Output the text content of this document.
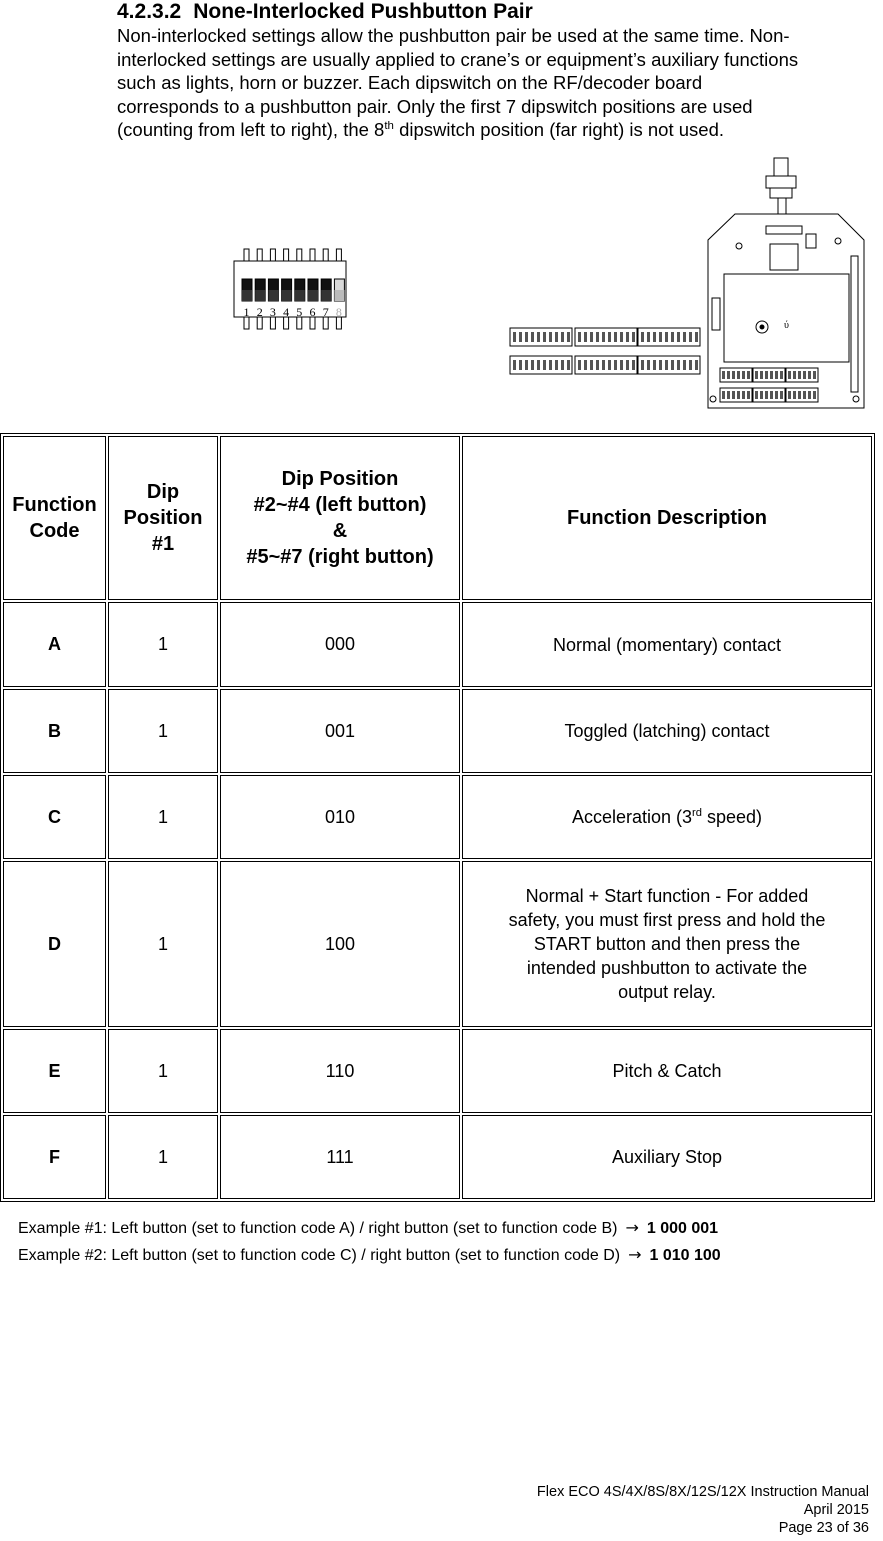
4.2.3.2 None-Interlocked Pushbutton Pair

Non-interlocked settings allow the pushbutton pair be used at the same time. Non-

interlocked settings are usually applied to crane’s or equipment’s auxiliary functions

such as lights, horn or buzzer. Each dipswitch on the RF/decoder board

corresponds to a pushbutton pair. Only the first 7 dipswitch positions are used

(counting from left to right), the 8th dipswitch position (far right) is not used.

1 2 3 4 5 6 7 8
ύ
Function
Code	Dip
Position
#1	Dip Position
#2~#4 (left button)
&
#5~#7 (right button)	Function Description
A	1	000	Normal (momentary) contact
B	1	001	Toggled (latching) contact
C	1	010	Acceleration (3rd speed)
D	1	100	Normal + Start function - For added
safety, you must first press and hold the
START button and then press the
intended pushbutton to activate the
output relay.
E	1	110	Pitch & Catch
F	1	111	Auxiliary Stop
Example #1: Left button (set to function code A) / right button (set to function code B) → 1 000 001
Example #2: Left button (set to function code C) / right button (set to function code D) → 1 010 100
Flex ECO 4S/4X/8S/8X/12S/12X Instruction Manual
April 2015
Page 23 of 36
